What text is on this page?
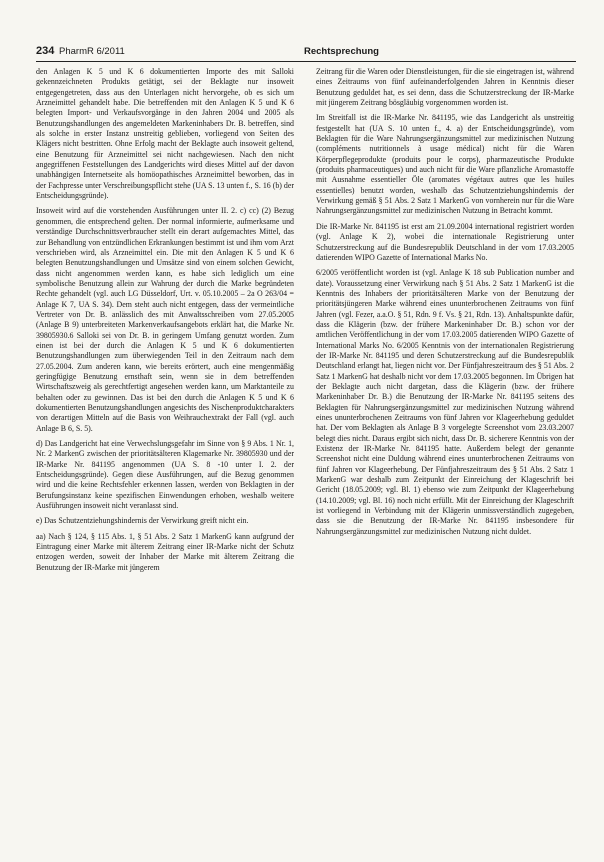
234 PharmR 6/2011	Rechtsprechung

den Anlagen K 5 und K 6 dokumentierten Importe des mit Salloki gekennzeichneten Produkts getätigt, sei der Beklagte nur insoweit entgegengetreten, dass aus den Unterlagen nicht hervorgehe, ob es sich um Arzneimittel gehandelt habe. Die betreffenden mit den Anlagen K 5 und K 6 belegten Import- und Verkaufsvorgänge in den Jahren 2004 und 2005 als Benutzungshandlungen des angemeldeten Markeninhabers Dr. B. betreffen, sind als solche in erster Instanz unstreitig geblieben, vorliegend von Seiten des Klägers nicht bestritten. Ohne Erfolg macht der Beklagte auch insoweit geltend, eine Benutzung für Arzneimittel sei nicht nachgewiesen. Nach den nicht angegriffenen Feststellungen des Landgerichts wird dieses Mittel auf der davon unabhängigen Internetseite als homöopathisches Arzneimittel beworben, das in der Fachpresse unter Verschreibungspflicht stehe (UA S. 13 unten f., S. 16 (b) der Entscheidungsgründe).

Insoweit wird auf die vorstehenden Ausführungen unter II. 2. c) cc) (2) Bezug genommen, die entsprechend gelten. Der normal informierte, aufmerksame und verständige Durchschnittsverbraucher stellt ein derart aufgemachtes Mittel, das zur Behandlung von entzündlichen Erkrankungen bestimmt ist und ihm vom Arzt verschrieben wird, als Arzneimittel ein. Die mit den Anlagen K 5 und K 6 belegten Benutzungshandlungen und Umsätze sind von einem solchen Gewicht, dass nicht angenommen werden kann, es habe sich lediglich um eine symbolische Benutzung allein zur Wahrung der durch die Marke begründeten Rechte gehandelt (vgl. auch LG Düsseldorf, Urt. v. 05.10.2005 – 2a O 263/04 = Anlage K 7, UA S. 34). Dem steht auch nicht entgegen, dass der vermeintliche Vertreter von Dr. B. anlässlich des mit Anwaltsschreiben vom 27.05.2005 (Anlage B 9) unterbreiteten Markenverkaufsangebots erklärt hat, die Marke Nr. 39805930.6 Salloki sei von Dr. B. in geringem Umfang genutzt worden. Zum einen ist bei der durch die Anlagen K 5 und K 6 dokumentierten Benutzungshandlungen zum überwiegenden Teil in den Zeitraum nach dem 27.05.2004. Zum anderen kann, wie bereits erörtert, auch eine mengenmäßig geringfügige Benutzung ernsthaft sein, wenn sie in dem betreffenden Wirtschaftszweig als gerechtfertigt angesehen werden kann, um Marktanteile zu behalten oder zu gewinnen. Das ist bei den durch die Anlagen K 5 und K 6 dokumentierten Benutzungshandlungen angesichts des Nischenproduktcharakters von derartigen Mitteln auf die Basis von Weihrauchextrakt der Fall (vgl. auch Anlage B 6, S. 5).

d) Das Landgericht hat eine Verwechslungsgefahr im Sinne von § 9 Abs. 1 Nr. 1, Nr. 2 MarkenG zwischen der prioritätsälteren Klagemarke Nr. 39805930 und der IR-Marke Nr. 841195 angenommen (UA S. 8 -10 unter I. 2. der Entscheidungsgründe). Gegen diese Ausführungen, auf die Bezug genommen wird und die keine Rechtsfehler erkennen lassen, werden von Beklagten in der Berufungsinstanz keine spezifischen Einwendungen erhoben, weshalb weitere Ausführungen insoweit nicht veranlasst sind.

e) Das Schutzentziehungshindernis der Verwirkung greift nicht ein.

aa) Nach § 124, § 115 Abs. 1, § 51 Abs. 2 Satz 1 MarkenG kann aufgrund der Eintragung einer Marke mit älterem Zeitrang einer IR-Marke nicht der Schutz entzogen werden, soweit der Inhaber der Marke mit älterem Zeitrang die Benutzung der IR-Marke mit jüngerem

Zeitrang für die Waren oder Dienstleistungen, für die sie eingetragen ist, während eines Zeitraums von fünf aufeinanderfolgenden Jahren in Kenntnis dieser Benutzung geduldet hat, es sei denn, dass die Schutzerstreckung der IR-Marke mit jüngerem Zeitrang bösgläubig vorgenommen worden ist.

Im Streitfall ist die IR-Marke Nr. 841195, wie das Landgericht als unstreitig festgestellt hat (UA S. 10 unten f., 4. a) der Entscheidungsgründe), vom Beklagten für die Ware Nahrungsergänzungsmittel zur medizinischen Nutzung (compléments nutritionnels à usage médical) nicht für die Waren Körperpflegeprodukte (produits pour le corps), pharmazeutische Produkte (produits pharmaceutiques) und auch nicht für die Ware pflanzliche Aromastoffe mit Ausnahme essentieller Öle (aromates végétaux autres que les huiles essentielles) benutzt worden, weshalb das Schutzentziehungshindernis der Verwirkung gemäß § 51 Abs. 2 Satz 1 MarkenG von vornherein nur für die Ware Nahrungsergänzungsmittel zur medizinischen Nutzung in Betracht kommt.

Die IR-Marke Nr. 841195 ist erst am 21.09.2004 international registriert worden (vgl. Anlage K 2), wobei die internationale Registrierung unter Schutzerstreckung auf die Bundesrepublik Deutschland in der vom 17.03.2005 datierenden WIPO Gazette of International Marks No.

6/2005 veröffentlicht worden ist (vgl. Anlage K 18 sub Publication number and date). Voraussetzung einer Verwirkung nach § 51 Abs. 2 Satz 1 MarkenG ist die Kenntnis des Inhabers der prioritätsälteren Marke von der Benutzung der prioritätsjüngeren Marke während eines ununterbrochenen Zeitraums von fünf Jahren (vgl. Fezer, a.a.O. § 51, Rdn. 9 f. Vs. § 21, Rdn. 13). Anhaltspunkte dafür, dass die Klägerin (bzw. der frühere Markeninhaber Dr. B.) schon vor der amtlichen Veröffentlichung in der vom 17.03.2005 datierenden WIPO Gazette of International Marks No. 6/2005 Kenntnis von der internationalen Registrierung der IR-Marke Nr. 841195 und deren Schutzerstreckung auf die Bundesrepublik Deutschland erlangt hat, liegen nicht vor. Der Fünfjahreszeitraum des § 51 Abs. 2 Satz 1 MarkenG hat deshalb nicht vor dem 17.03.2005 begonnen. Im Übrigen hat der Beklagte auch nicht dargetan, dass die Klägerin (bzw. der frühere Markeninhaber Dr. B.) die Benutzung der IR-Marke Nr. 841195 seitens des Beklagten für Nahrungsergänzungsmittel zur medizinischen Nutzung während eines ununterbrochenen Zeitraums von fünf Jahren vor Klageerhebung geduldet hat. Der vom Beklagten als Anlage B 3 vorgelegte Screenshot vom 23.03.2007 belegt dies nicht. Daraus ergibt sich nicht, dass Dr. B. sicherere Kenntnis von der Existenz der IR-Marke Nr. 841195 hatte. Außerdem belegt der genannte Screenshot nicht eine Duldung während eines ununterbrochenen Zeitraums von fünf Jahren vor Klageerhebung. Der Fünfjahreszeitraum des § 51 Abs. 2 Satz 1 MarkenG war deshalb zum Zeitpunkt der Einreichung der Klageschrift bei Gericht (18.05.2009; vgl. Bl. 1) ebenso wie zum Zeitpunkt der Klageerhebung (14.10.2009; vgl. Bl. 16) noch nicht erfüllt. Mit der Einreichung der Klageschrift ist vorliegend in Verbindung mit der Klägerin unmissverständlich zugegeben, dass sie die Benutzung der IR-Marke Nr. 841195 insbesondere für Nahrungsergänzungsmittel zur medizinischen Nutzung nicht duldet.
